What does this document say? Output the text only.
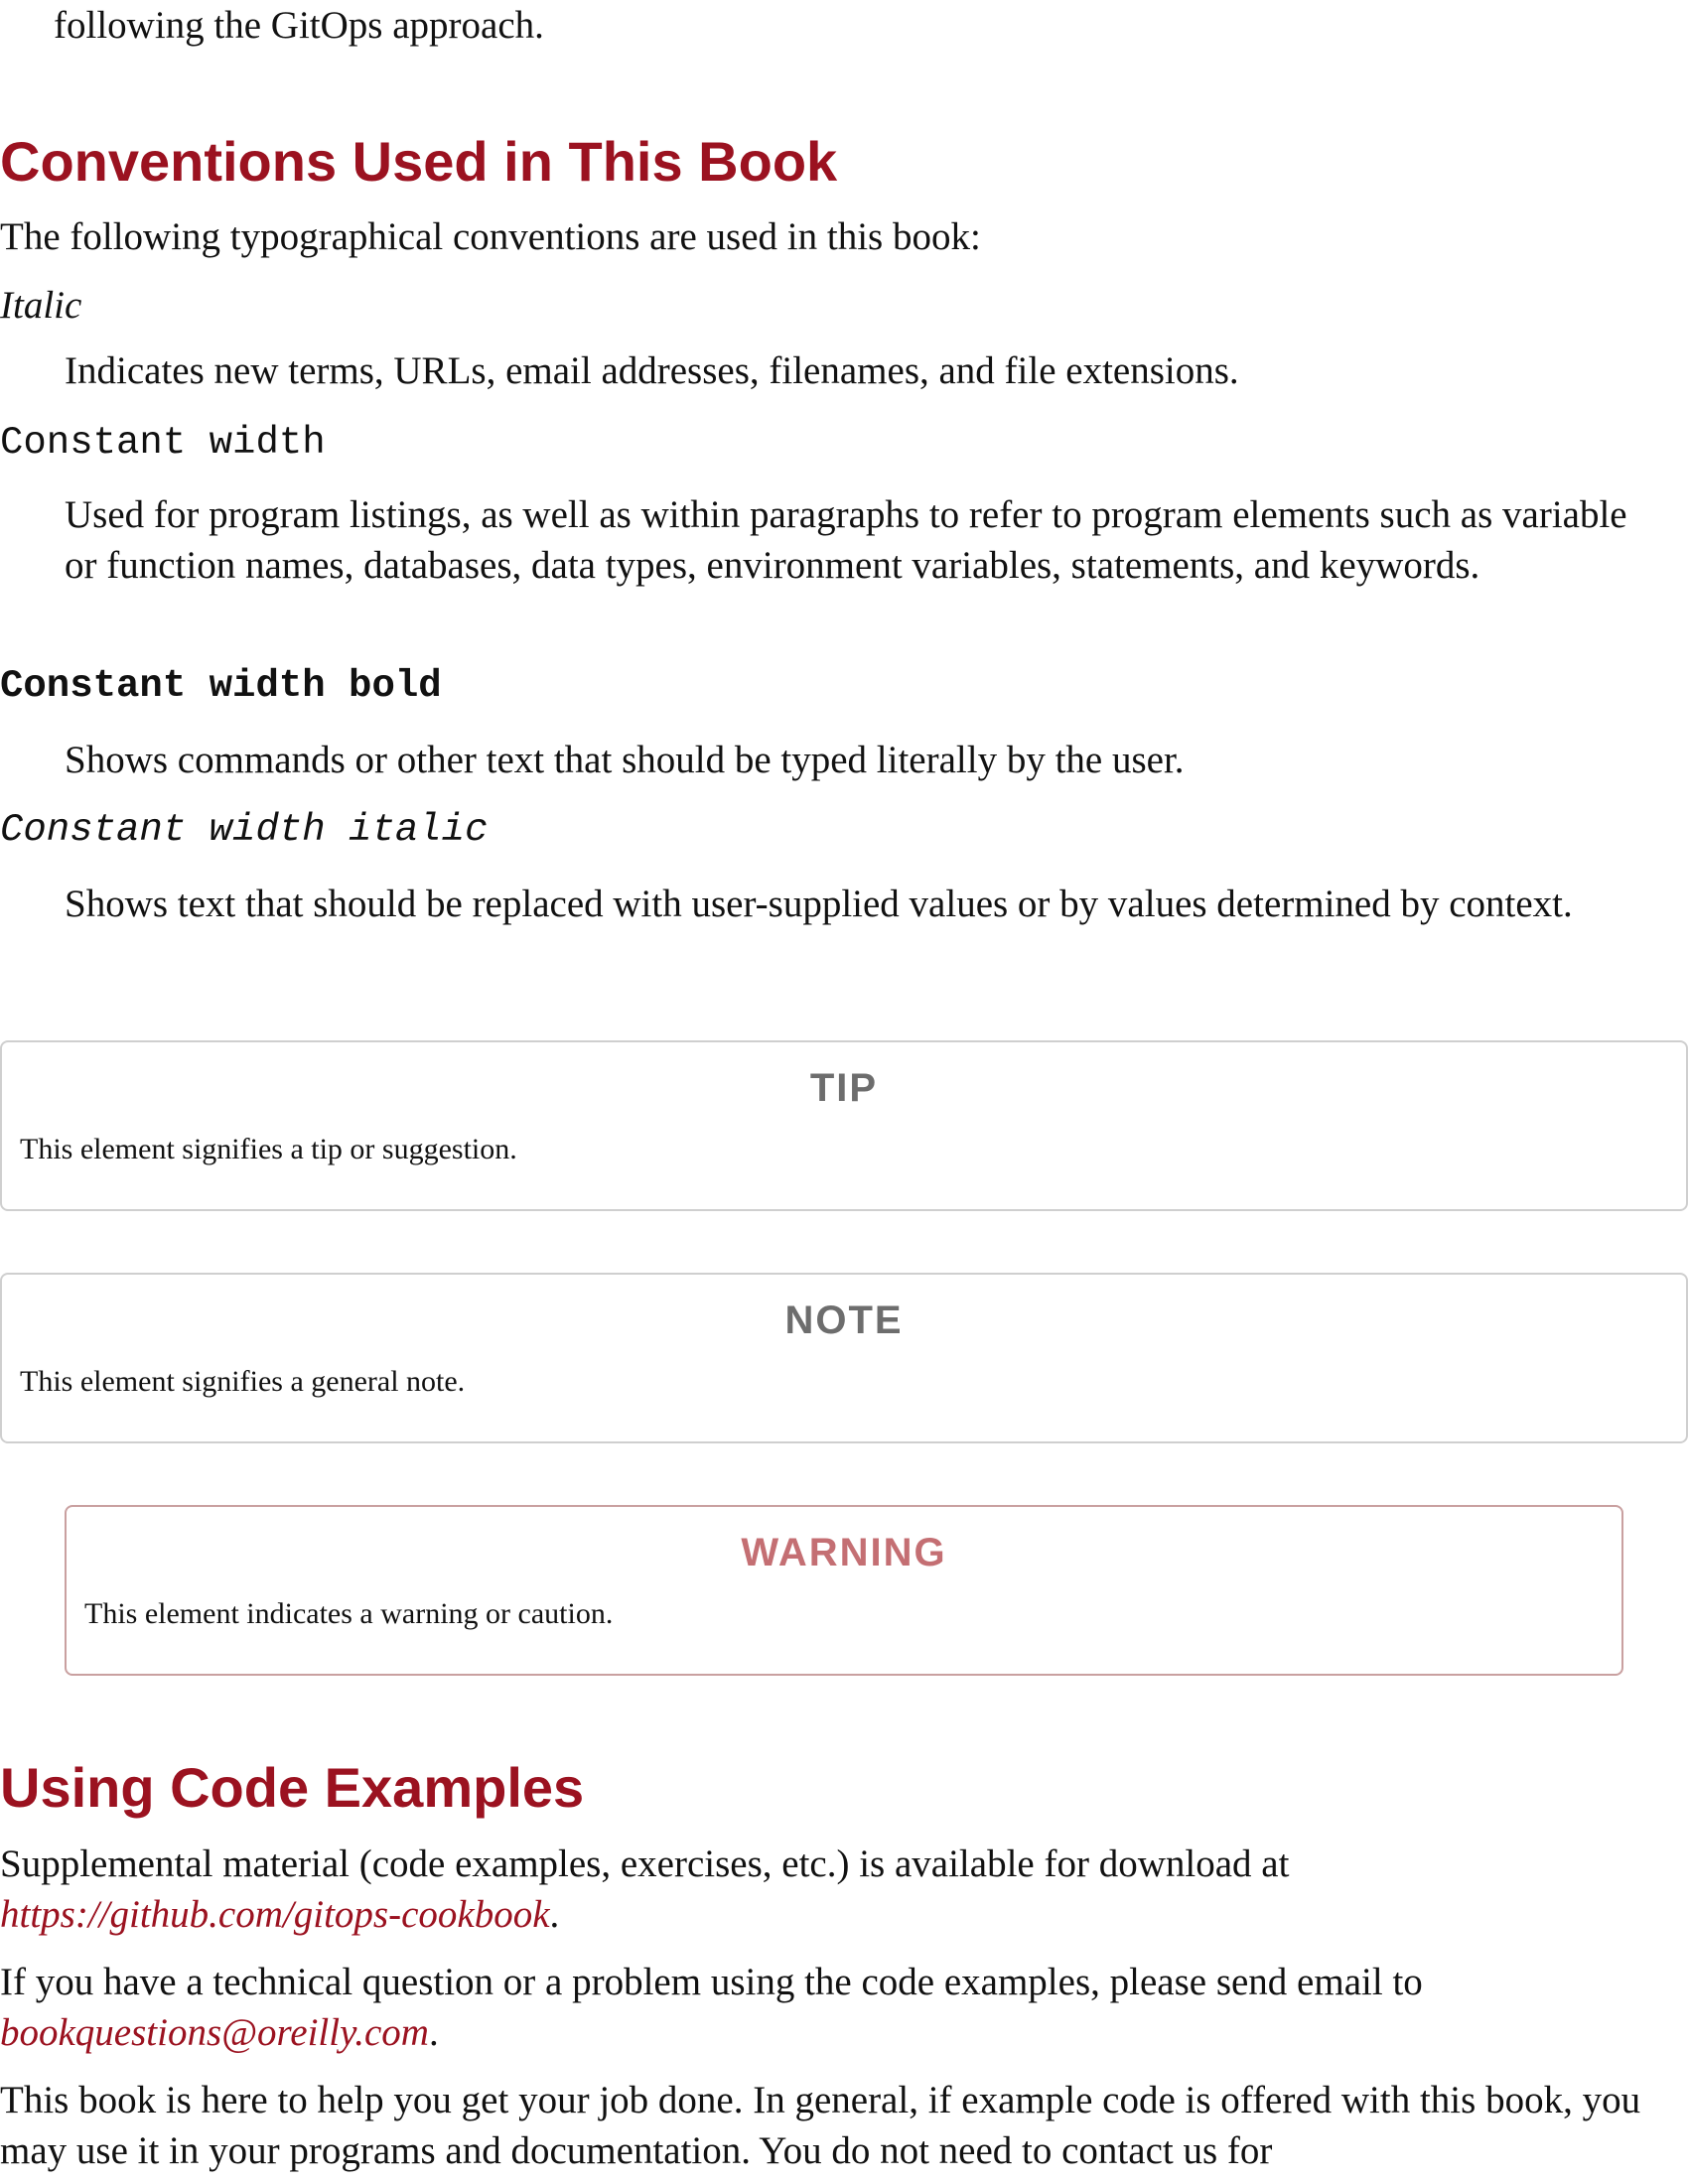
following the GitOps approach.

Conventions Used in This Book

The following typographical conventions are used in this book:

Italic

Indicates new terms, URLs, email addresses, filenames, and file extensions.

Constant width

Used for program listings, as well as within paragraphs to refer to program elements such as variable or function names, databases, data types, environment variables, statements, and keywords.

Constant width bold

Shows commands or other text that should be typed literally by the user.

Constant width italic

Shows text that should be replaced with user-supplied values or by values determined by context.

TIP

This element signifies a tip or suggestion.

NOTE

This element signifies a general note.

WARNING

This element indicates a warning or caution.

Using Code Examples

Supplemental material (code examples, exercises, etc.) is available for download at
https://github.com/gitops-cookbook.

If you have a technical question or a problem using the code examples, please send email to
bookquestions@oreilly.com.

This book is here to help you get your job done. In general, if example code is offered with this book, you may use it in your programs and documentation. You do not need to contact us for
